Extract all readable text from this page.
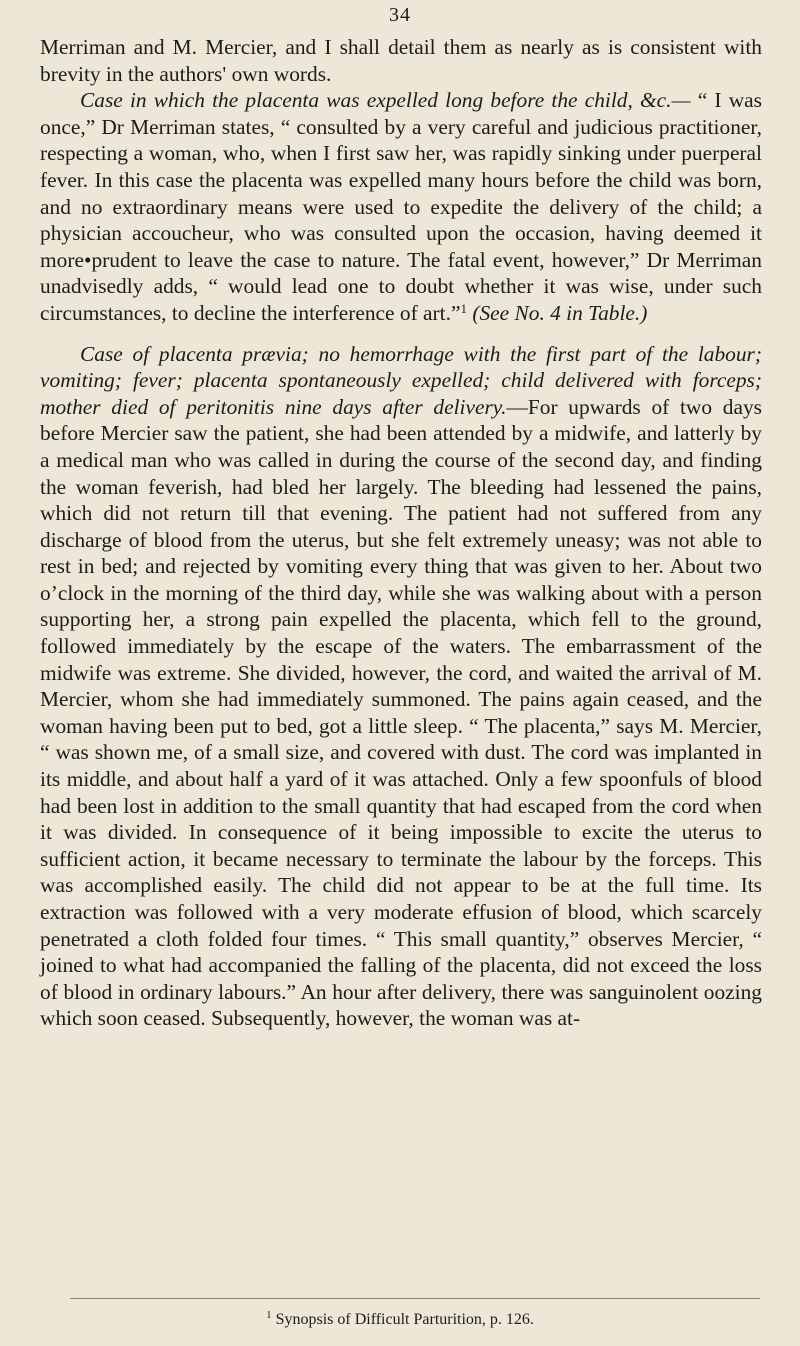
34

Merriman and M. Mercier, and I shall detail them as nearly as is consistent with brevity in the authors' own words.

Case in which the placenta was expelled long before the child, &c.— “ I was once,” Dr Merriman states, “ consulted by a very careful and judicious practitioner, respecting a woman, who, when I first saw her, was rapidly sinking under puerperal fever. In this case the placenta was expelled many hours before the child was born, and no extraordinary means were used to expedite the delivery of the child; a physician accoucheur, who was consulted upon the occasion, having deemed it more•prudent to leave the case to nature. The fatal event, however,” Dr Merriman unadvisedly adds, “ would lead one to doubt whether it was wise, under such circumstances, to decline the interference of art.”$^1$ (See No. 4 in Table.)

Case of placenta prævia; no hemorrhage with the first part of the labour; vomiting; fever; placenta spontaneously expelled; child delivered with forceps; mother died of peritonitis nine days after delivery.—For upwards of two days before Mercier saw the patient, she had been attended by a midwife, and latterly by a medical man who was called in during the course of the second day, and finding the woman feverish, had bled her largely. The bleeding had lessened the pains, which did not return till that evening. The patient had not suffered from any discharge of blood from the uterus, but she felt extremely uneasy; was not able to rest in bed; and rejected by vomiting every thing that was given to her. About two o’clock in the morning of the third day, while she was walking about with a person supporting her, a strong pain expelled the placenta, which fell to the ground, followed immediately by the escape of the waters. The embarrassment of the midwife was extreme. She divided, however, the cord, and waited the arrival of M. Mercier, whom she had immediately summoned. The pains again ceased, and the woman having been put to bed, got a little sleep. “ The placenta,” says M. Mercier, “ was shown me, of a small size, and covered with dust. The cord was implanted in its middle, and about half a yard of it was attached. Only a few spoonfuls of blood had been lost in addition to the small quantity that had escaped from the cord when it was divided. In consequence of it being impossible to excite the uterus to sufficient action, it became necessary to terminate the labour by the forceps. This was accomplished easily. The child did not appear to be at the full time. Its extraction was followed with a very moderate effusion of blood, which scarcely penetrated a cloth folded four times. “ This small quantity,” observes Mercier, “ joined to what had accompanied the falling of the placenta, did not exceed the loss of blood in ordinary labours.” An hour after delivery, there was sanguinolent oozing which soon ceased. Subsequently, however, the woman was at-

$^1$ Synopsis of Difficult Parturition, p. 126.
